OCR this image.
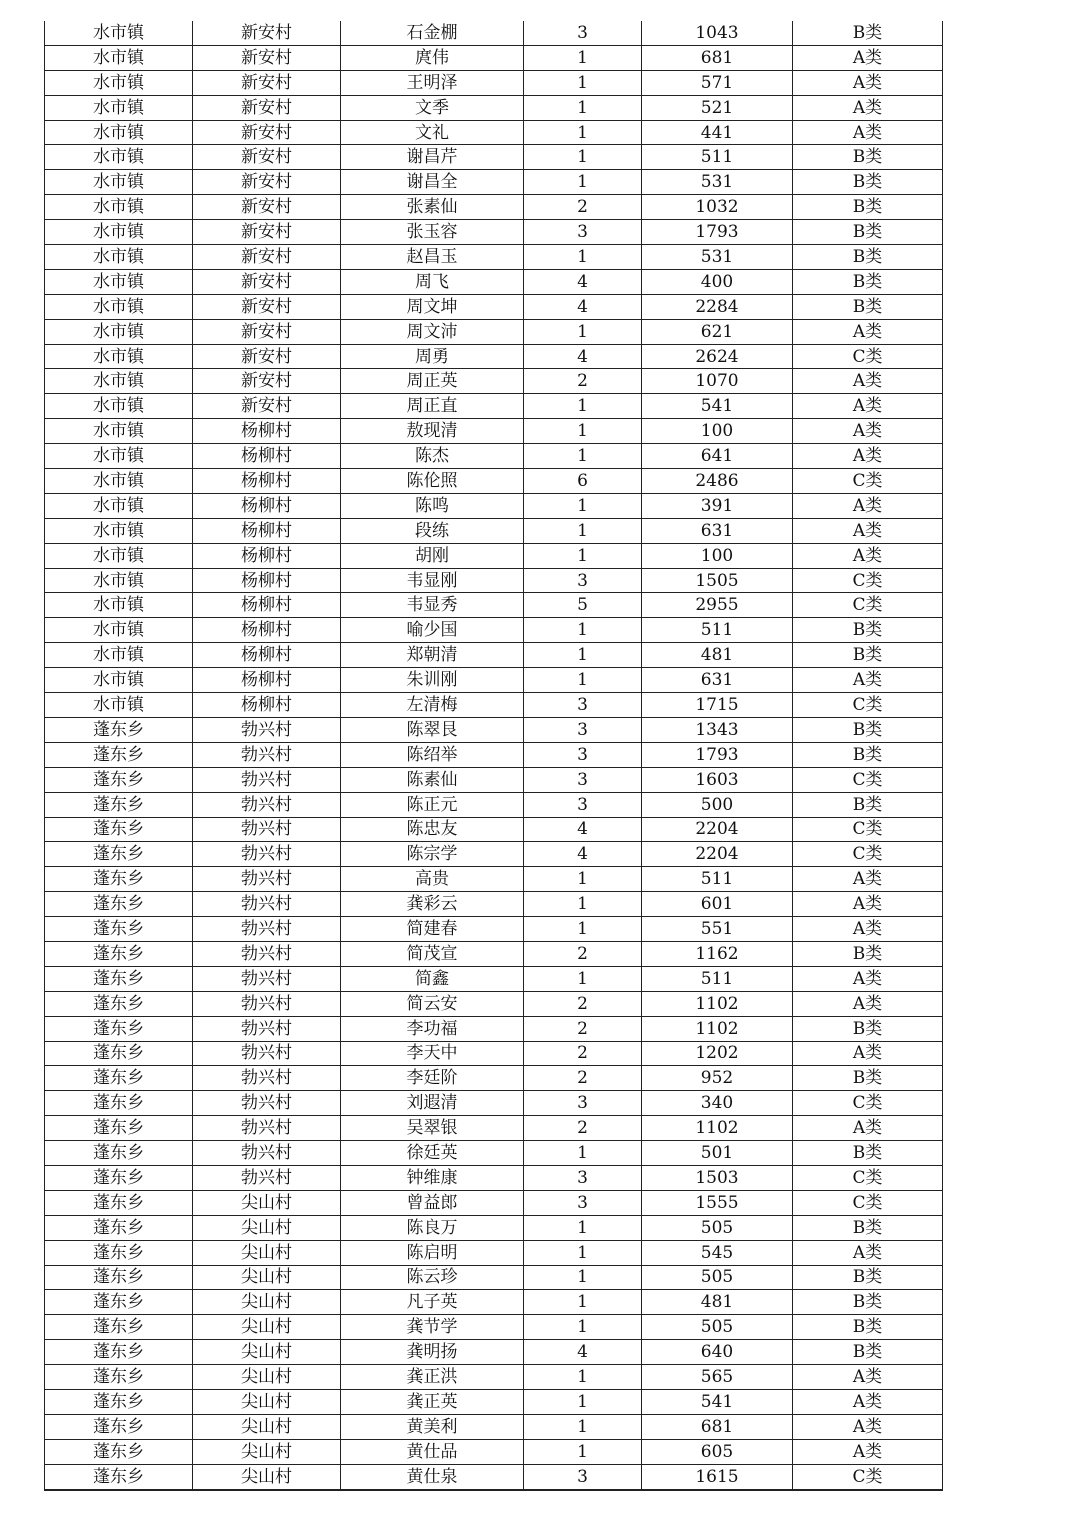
水市镇	新安村	石金棚	3	1043	B类
水市镇	新安村	庹伟	1	681	A类
水市镇	新安村	王明泽	1	571	A类
水市镇	新安村	文季	1	521	A类
水市镇	新安村	文礼	1	441	A类
水市镇	新安村	谢昌芹	1	511	B类
水市镇	新安村	谢昌全	1	531	B类
水市镇	新安村	张素仙	2	1032	B类
水市镇	新安村	张玉容	3	1793	B类
水市镇	新安村	赵昌玉	1	531	B类
水市镇	新安村	周飞	4	400	B类
水市镇	新安村	周文坤	4	2284	B类
水市镇	新安村	周文沛	1	621	A类
水市镇	新安村	周勇	4	2624	C类
水市镇	新安村	周正英	2	1070	A类
水市镇	新安村	周正直	1	541	A类
水市镇	杨柳村	敖现清	1	100	A类
水市镇	杨柳村	陈杰	1	641	A类
水市镇	杨柳村	陈伦照	6	2486	C类
水市镇	杨柳村	陈鸣	1	391	A类
水市镇	杨柳村	段练	1	631	A类
水市镇	杨柳村	胡刚	1	100	A类
水市镇	杨柳村	韦显刚	3	1505	C类
水市镇	杨柳村	韦显秀	5	2955	C类
水市镇	杨柳村	喻少国	1	511	B类
水市镇	杨柳村	郑朝清	1	481	B类
水市镇	杨柳村	朱训刚	1	631	A类
水市镇	杨柳村	左清梅	3	1715	C类
蓬东乡	勃兴村	陈翠艮	3	1343	B类
蓬东乡	勃兴村	陈绍举	3	1793	B类
蓬东乡	勃兴村	陈素仙	3	1603	C类
蓬东乡	勃兴村	陈正元	3	500	B类
蓬东乡	勃兴村	陈忠友	4	2204	C类
蓬东乡	勃兴村	陈宗学	4	2204	C类
蓬东乡	勃兴村	高贵	1	511	A类
蓬东乡	勃兴村	龚彩云	1	601	A类
蓬东乡	勃兴村	简建春	1	551	A类
蓬东乡	勃兴村	简茂宣	2	1162	B类
蓬东乡	勃兴村	简鑫	1	511	A类
蓬东乡	勃兴村	简云安	2	1102	A类
蓬东乡	勃兴村	李功福	2	1102	B类
蓬东乡	勃兴村	李天中	2	1202	A类
蓬东乡	勃兴村	李廷阶	2	952	B类
蓬东乡	勃兴村	刘遐清	3	340	C类
蓬东乡	勃兴村	吴翠银	2	1102	A类
蓬东乡	勃兴村	徐廷英	1	501	B类
蓬东乡	勃兴村	钟维康	3	1503	C类
蓬东乡	尖山村	曾益郎	3	1555	C类
蓬东乡	尖山村	陈良万	1	505	B类
蓬东乡	尖山村	陈启明	1	545	A类
蓬东乡	尖山村	陈云珍	1	505	B类
蓬东乡	尖山村	凡子英	1	481	B类
蓬东乡	尖山村	龚节学	1	505	B类
蓬东乡	尖山村	龚明扬	4	640	B类
蓬东乡	尖山村	龚正洪	1	565	A类
蓬东乡	尖山村	龚正英	1	541	A类
蓬东乡	尖山村	黄美利	1	681	A类
蓬东乡	尖山村	黄仕品	1	605	A类
蓬东乡	尖山村	黄仕泉	3	1615	C类
